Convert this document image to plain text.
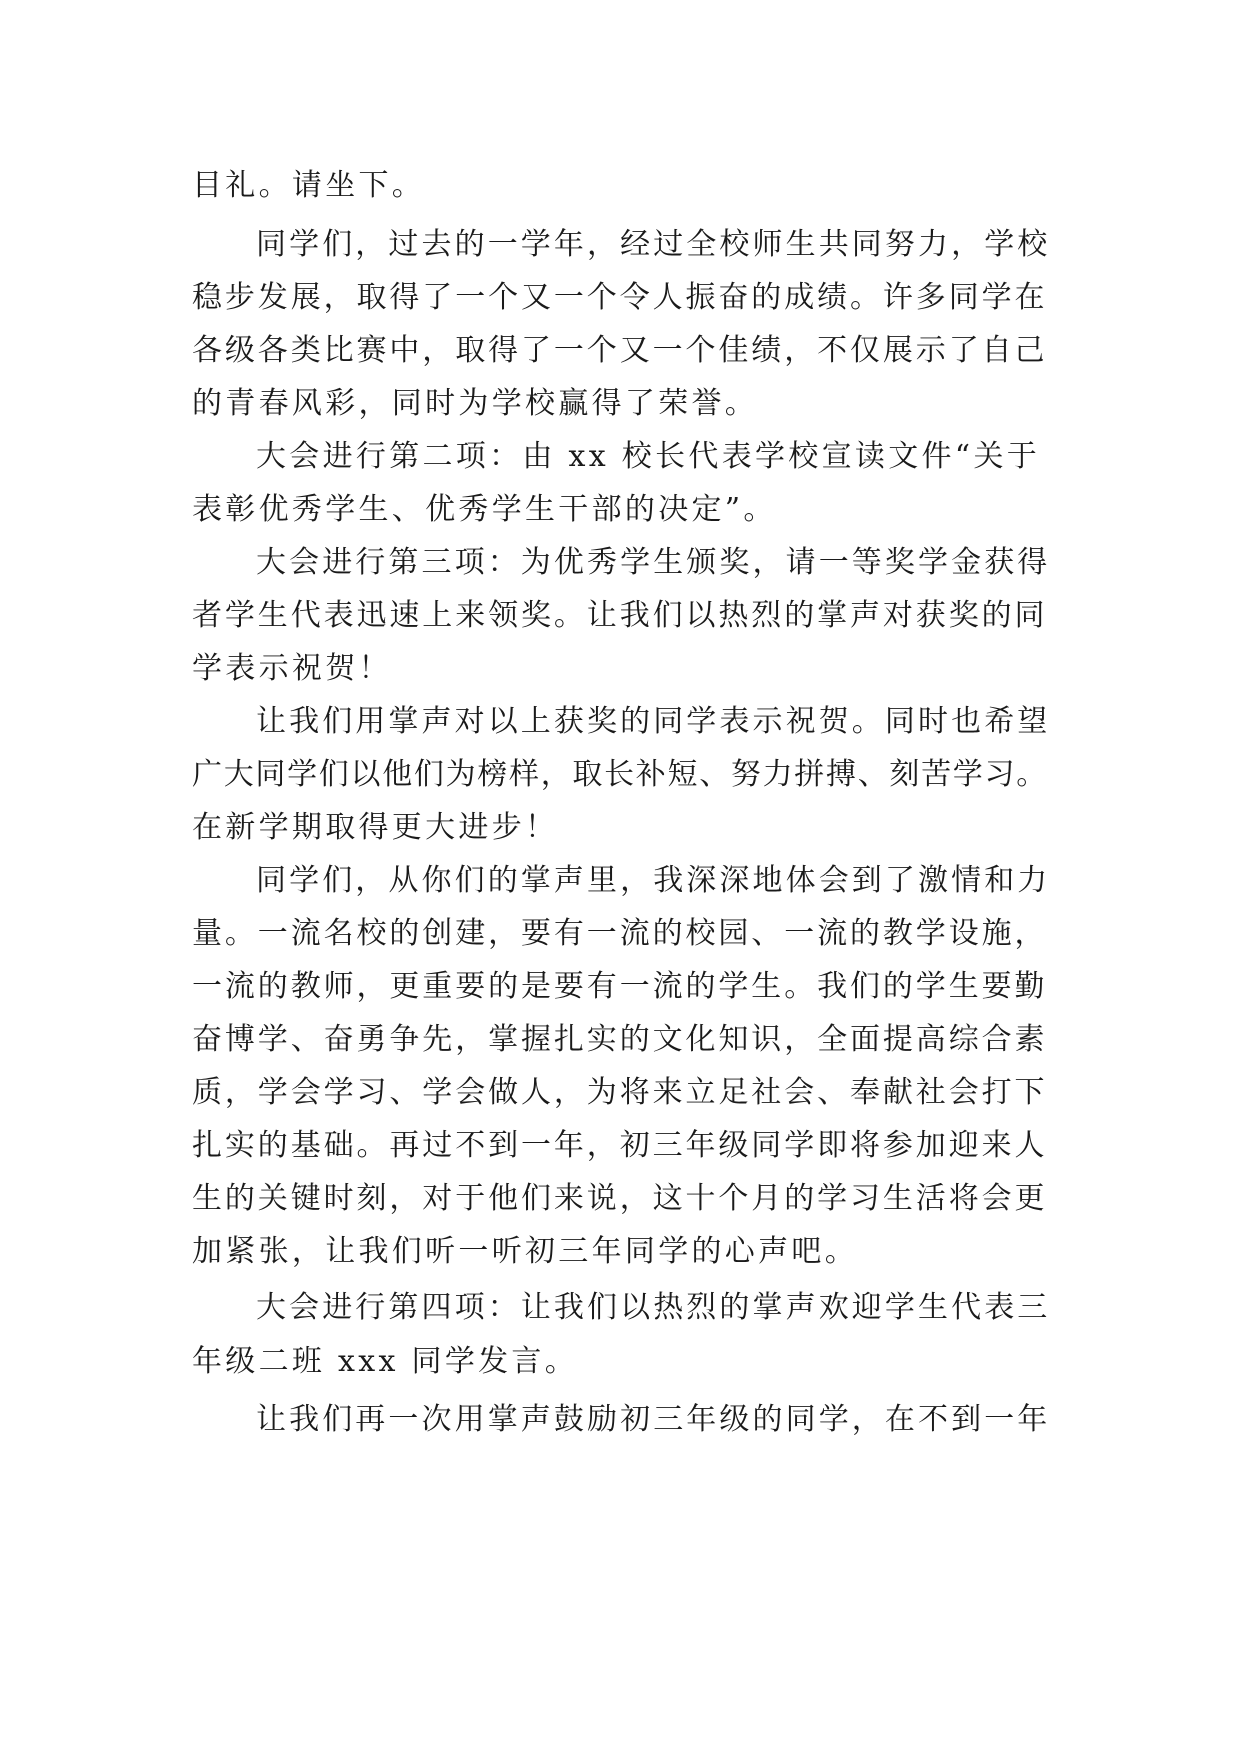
目礼。请坐下。
同学们，过去的一学年，经过全校师生共同努力，学校
稳步发展，取得了一个又一个令人振奋的成绩。许多同学在
各级各类比赛中，取得了一个又一个佳绩，不仅展示了自己
的青春风彩，同时为学校赢得了荣誉。
大会进行第二项：由 xx 校长代表学校宣读文件“关于
表彰优秀学生、优秀学生干部的决定”。
大会进行第三项：为优秀学生颁奖，请一等奖学金获得
者学生代表迅速上来领奖。让我们以热烈的掌声对获奖的同
学表示祝贺！
让我们用掌声对以上获奖的同学表示祝贺。同时也希望
广大同学们以他们为榜样，取长补短、努力拼搏、刻苦学习。
在新学期取得更大进步！
同学们，从你们的掌声里，我深深地体会到了激情和力
量。一流名校的创建，要有一流的校园、一流的教学设施，
一流的教师，更重要的是要有一流的学生。我们的学生要勤
奋博学、奋勇争先，掌握扎实的文化知识，全面提高综合素
质，学会学习、学会做人，为将来立足社会、奉献社会打下
扎实的基础。再过不到一年，初三年级同学即将参加迎来人
生的关键时刻，对于他们来说，这十个月的学习生活将会更
加紧张，让我们听一听初三年同学的心声吧。
大会进行第四项：让我们以热烈的掌声欢迎学生代表三
年级二班 xxx 同学发言。
让我们再一次用掌声鼓励初三年级的同学，在不到一年
